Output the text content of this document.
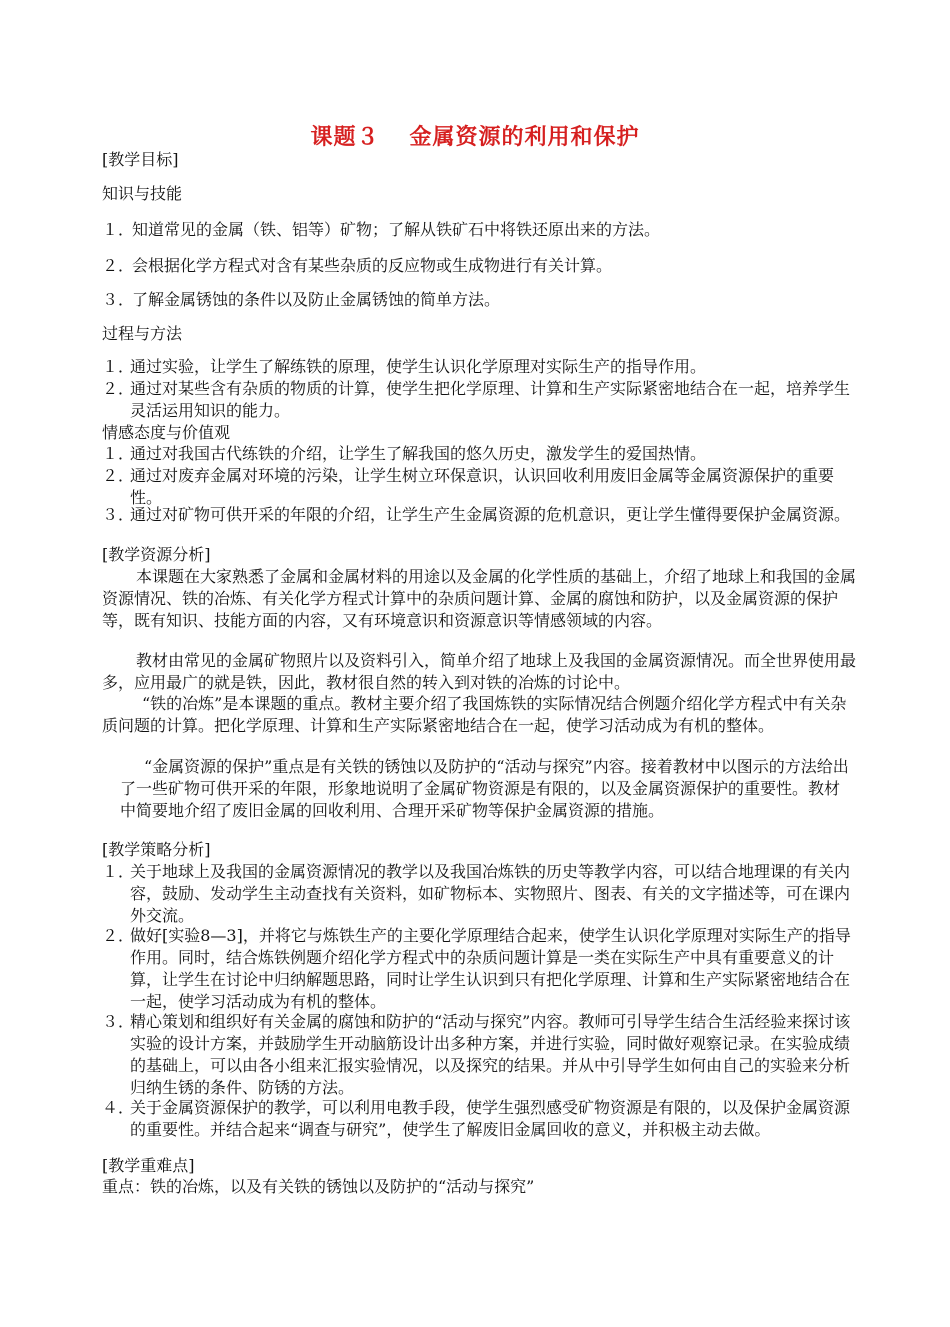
课题３ 金属资源的利用和保护
[教学目标]
知识与技能
１．
知道常见的金属（铁、铝等）矿物；了解从铁矿石中将铁还原出来的方法。
２．
会根据化学方程式对含有某些杂质的反应物或生成物进行有关计算。
３．
了解金属锈蚀的条件以及防止金属锈蚀的简单方法。
过程与方法
１．
通过实验，让学生了解练铁的原理，使学生认识化学原理对实际生产的指导作用。
２．
通过对某些含有杂质的物质的计算，使学生把化学原理、计算和生产实际紧密地结合在一起，培养学生灵活运用知识的能力。
情感态度与价值观
１．
通过对我国古代练铁的介绍，让学生了解我国的悠久历史，激发学生的爱国热情。
２．
通过对废弃金属对环境的污染，让学生树立环保意识，认识回收利用废旧金属等金属资源保护的重要性。
３．
通过对矿物可供开采的年限的介绍，让学生产生金属资源的危机意识，更让学生懂得要保护金属资源。
[教学资源分析]
本课题在大家熟悉了金属和金属材料的用途以及金属的化学性质的基础上，介绍了地球上和我国的金属资源情况、铁的冶炼、有关化学方程式计算中的杂质问题计算、金属的腐蚀和防护，以及金属资源的保护等，既有知识、技能方面的内容，又有环境意识和资源意识等情感领域的内容。
教材由常见的金属矿物照片以及资料引入，简单介绍了地球上及我国的金属资源情况。而全世界使用最多，应用最广的就是铁，因此，教材很自然的转入到对铁的冶炼的讨论中。
“铁的冶炼”是本课题的重点。教材主要介绍了我国炼铁的实际情况结合例题介绍化学方程式中有关杂质问题的计算。把化学原理、计算和生产实际紧密地结合在一起，使学习活动成为有机的整体。
“金属资源的保护”重点是有关铁的锈蚀以及防护的“活动与探究”内容。接着教材中以图示的方法给出了一些矿物可供开采的年限，形象地说明了金属矿物资源是有限的，以及金属资源保护的重要性。教材中简要地介绍了废旧金属的回收利用、合理开采矿物等保护金属资源的措施。
[教学策略分析]
１．
关于地球上及我国的金属资源情况的教学以及我国冶炼铁的历史等教学内容，可以结合地理课的有关内容，鼓励、发动学生主动查找有关资料，如矿物标本、实物照片、图表、有关的文字描述等，可在课内外交流。
２．
做好[实验8—3]，并将它与炼铁生产的主要化学原理结合起来，使学生认识化学原理对实际生产的指导作用。同时，结合炼铁例题介绍化学方程式中的杂质问题计算是一类在实际生产中具有重要意义的计算，让学生在讨论中归纳解题思路，同时让学生认识到只有把化学原理、计算和生产实际紧密地结合在一起，使学习活动成为有机的整体。
３．
精心策划和组织好有关金属的腐蚀和防护的“活动与探究”内容。教师可引导学生结合生活经验来探讨该实验的设计方案，并鼓励学生开动脑筋设计出多种方案，并进行实验，同时做好观察记录。在实验成绩的基础上，可以由各小组来汇报实验情况，以及探究的结果。并从中引导学生如何由自己的实验来分析归纳生锈的条件、防锈的方法。
４．
关于金属资源保护的教学，可以利用电教手段，使学生强烈感受矿物资源是有限的，以及保护金属资源的重要性。并结合起来“调查与研究”，使学生了解废旧金属回收的意义，并积极主动去做。
[教学重难点]
重点：铁的冶炼，以及有关铁的锈蚀以及防护的“活动与探究”
